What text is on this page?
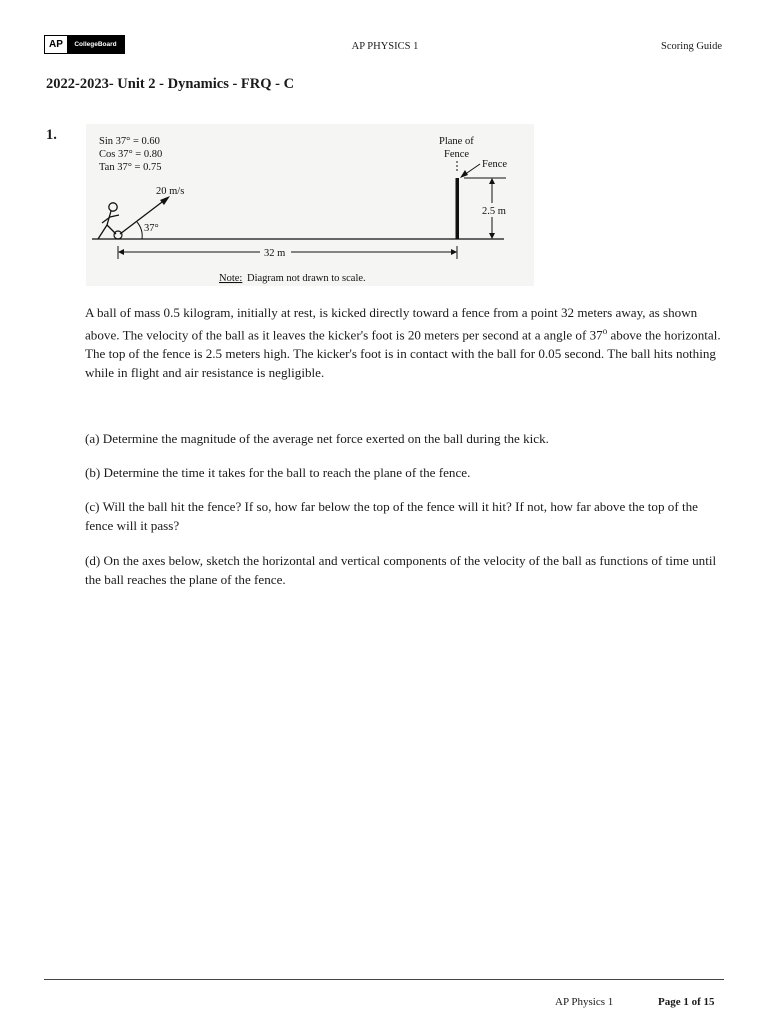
AP	CollegeBoard	AP PHYSICS 1	Scoring Guide
2022-2023- Unit 2 - Dynamics - FRQ - C
1.	Sin 37° = 0.60
Cos 37° = 0.80
Tan 37° = 0.75
20 m/s
37°
Plane of
Fence
Fence
2.5 m
32 m
Note: Diagram not drawn to scale.
A ball of mass 0.5 kilogram, initially at rest, is kicked directly toward a fence from a point 32 meters away, as shown above. The velocity of the ball as it leaves the kicker's foot is 20 meters per second at a angle of 37$^o$ above the horizontal. The top of the fence is 2.5 meters high. The kicker's foot is in contact with the ball for 0.05 second. The ball hits nothing while in flight and air resistance is negligible.
(a) Determine the magnitude of the average net force exerted on the ball during the kick.
(b) Determine the time it takes for the ball to reach the plane of the fence.
(c) Will the ball hit the fence? If so, how far below the top of the fence will it hit? If not, how far above the top of the fence will it pass?
(d) On the axes below, sketch the horizontal and vertical components of the velocity of the ball as functions of time until the ball reaches the plane of the fence.
AP Physics 1	Page 1 of 15
